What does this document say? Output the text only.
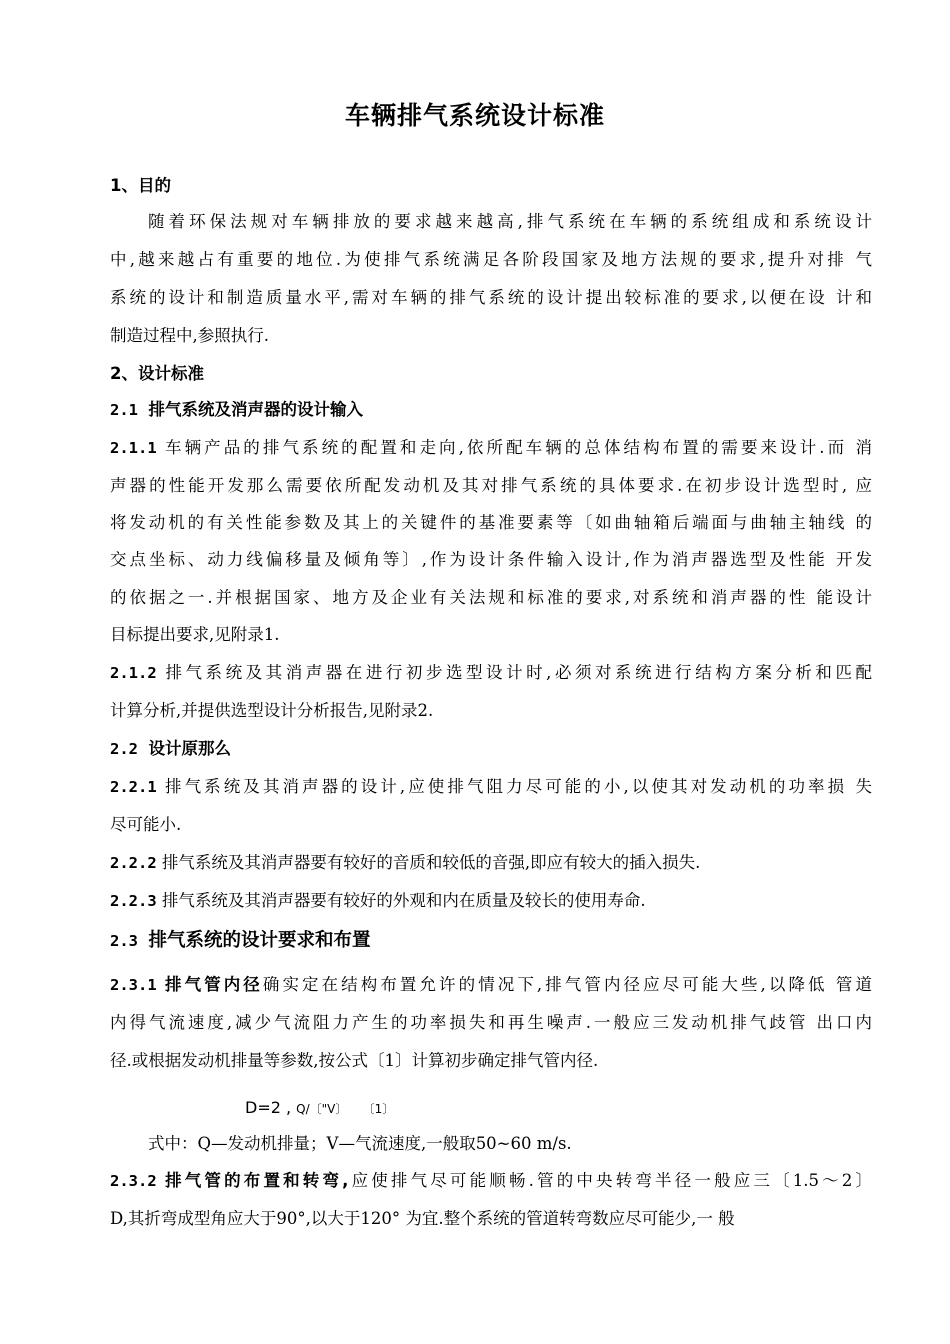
车辆排气系统设计标准
1、目的
随着环保法规对车辆排放的要求越来越高,排气系统在车辆的系统组成和系统设计
中,越来越占有重要的地位.为使排气系统满足各阶段国家及地方法规的要求,提升对排 气
系统的设计和制造质量水平,需对车辆的排气系统的设计提出较标准的要求,以便在设 计和
制造过程中,参照执行.
2、设计标准
2.1 排气系统及消声器的设计输入
2.1.1 车辆产品的排气系统的配置和走向,依所配车辆的总体结构布置的需要来设计.而 消
声器的性能开发那么需要依所配发动机及其对排气系统的具体要求.在初步设计选型时, 应
将发动机的有关性能参数及其上的关键件的基准要素等〔如曲轴箱后端面与曲轴主轴线 的
交点坐标、动力线偏移量及倾角等〕,作为设计条件输入设计,作为消声器选型及性能 开发
的依据之一.并根据国家、地方及企业有关法规和标准的要求,对系统和消声器的性 能设计
目标提出要求,见附录1.
2.1.2 排气系统及其消声器在进行初步选型设计时,必须对系统进行结构方案分析和匹配
计算分析,并提供选型设计分析报告,见附录2.
2.2 设计原那么
2.2.1 排气系统及其消声器的设计,应使排气阻力尽可能的小,以使其对发动机的功率损 失
尽可能小.
2.2.2 排气系统及其消声器要有较好的音质和较低的音强,即应有较大的插入损失.
2.2.3 排气系统及其消声器要有较好的外观和内在质量及较长的使用寿命.
2.3 排气系统的设计要求和布置
2.3.1 排气管内径确实定在结构布置允许的情况下,排气管内径应尽可能大些,以降低 管道
内得气流速度,减少气流阻力产生的功率损失和再生噪声.一般应三发动机排气歧管 出口内
径.或根据发动机排量等参数,按公式〔1〕计算初步确定排气管内径.
D=2 , Q/〔"V〕 〔1〕
式中：Q—发动机排量；V—气流速度,一般取50~60 m/s.
2.3.2 排气管的布置和转弯,应使排气尽可能顺畅.管的中央转弯半径一般应三〔1.5〜2〕
D,其折弯成型角应大于90°,以大于120° 为宜.整个系统的管道转弯数应尽可能少,一 般
